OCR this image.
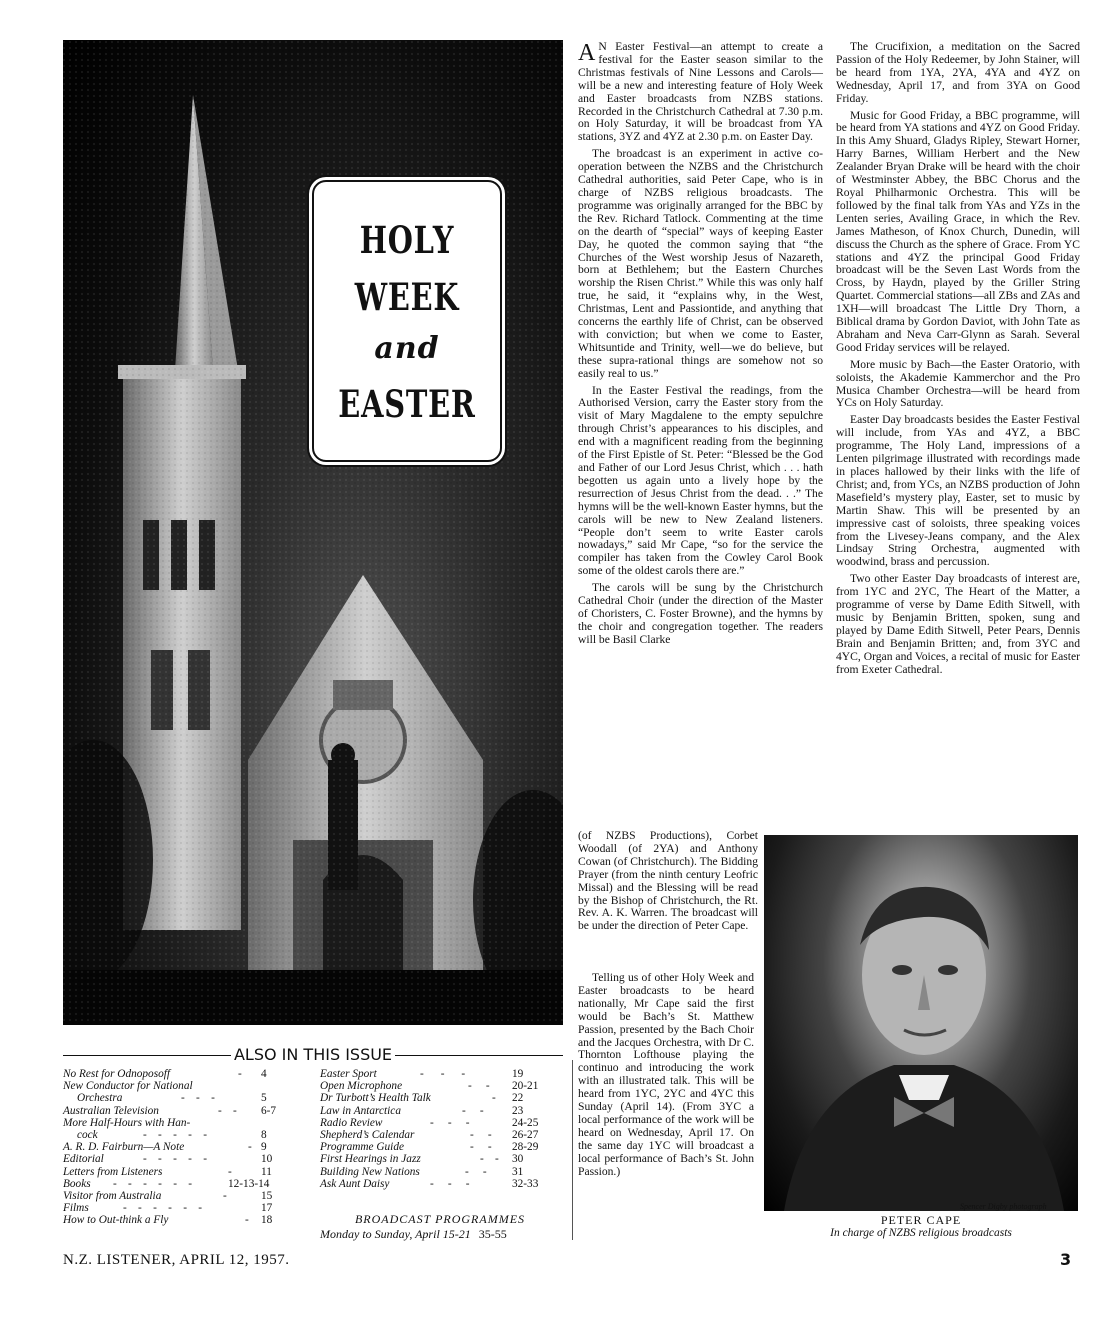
HOLY
WEEK
and
EASTER

A N Easter Festival—an attempt to create a festival for the Easter season similar to the Christmas festivals of Nine Lessons and Carols—will be a new and interesting feature of Holy Week and Easter broadcasts from NZBS stations. Recorded in the Christchurch Cathedral at 7.30 p.m. on Holy Saturday, it will be broadcast from YA stations, 3YZ and 4YZ at 2.30 p.m. on Easter Day.

The broadcast is an experiment in active co-operation between the NZBS and the Christchurch Cathedral authorities, said Peter Cape, who is in charge of NZBS religious broadcasts. The programme was originally arranged for the BBC by the Rev. Richard Tatlock. Commenting at the time on the dearth of “special” ways of keeping Easter Day, he quoted the common saying that “the Churches of the West worship Jesus of Nazareth, born at Bethlehem; but the Eastern Churches worship the Risen Christ.” While this was only half true, he said, it “explains why, in the West, Christmas, Lent and Passiontide, and anything that concerns the earthly life of Christ, can be observed with conviction; but when we come to Easter, Whitsuntide and Trinity, well—we do believe, but these supra-rational things are somehow not so easily real to us.”

In the Easter Festival the readings, from the Authorised Version, carry the Easter story from the visit of Mary Magdalene to the empty sepulchre through Christ’s appearances to his disciples, and end with a magnificent reading from the beginning of the First Epistle of St. Peter: “Blessed be the God and Father of our Lord Jesus Christ, which . . . hath begotten us again unto a lively hope by the resurrection of Jesus Christ from the dead. . .” The hymns will be the well-known Easter hymns, but the carols will be new to New Zealand listeners. “People don’t seem to write Easter carols nowadays,” said Mr Cape, “so for the service the compiler has taken from the Cowley Carol Book some of the oldest carols there are.”

The carols will be sung by the Christchurch Cathedral Choir (under the direction of the Master of Choristers, C. Foster Browne), and the hymns by the choir and congregation together. The readers will be Basil Clarke

(of NZBS Productions), Corbet Woodall (of 2YA) and Anthony Cowan (of Christchurch). The Bidding Prayer (from the ninth century Leofric Missal) and the Blessing will be read by the Bishop of Christchurch, the Rt. Rev. A. K. Warren. The broadcast will be under the direction of Peter Cape.

Telling us of other Holy Week and Easter broadcasts to be heard nationally, Mr Cape said the first would be Bach’s St. Matthew Passion, presented by the Bach Choir and the Jacques Orchestra, with Dr C. Thornton Lofthouse playing the continuo and introducing the work with an illustrated talk. This will be heard from 1YC, 2YC and 4YC this Sunday (April 14). (From 3YC a local performance of the work will be heard on Wednesday, April 17. On the same day 1YC will broadcast a local performance of Bach’s St. John Passion.)

The Crucifixion, a meditation on the Sacred Passion of the Holy Redeemer, by John Stainer, will be heard from 1YA, 2YA, 4YA and 4YZ on Wednesday, April 17, and from 3YA on Good Friday.

Music for Good Friday, a BBC programme, will be heard from YA stations and 4YZ on Good Friday. In this Amy Shuard, Gladys Ripley, Stewart Horner, Harry Barnes, William Herbert and the New Zealander Bryan Drake will be heard with the choir of Westminster Abbey, the BBC Chorus and the Royal Philharmonic Orchestra. This will be followed by the final talk from YAs and YZs in the Lenten series, Availing Grace, in which the Rev. James Matheson, of Knox Church, Dunedin, will discuss the Church as the sphere of Grace. From YC stations and 4YZ the principal Good Friday broadcast will be the Seven Last Words from the Cross, by Haydn, played by the Griller String Quartet. Commercial stations—all ZBs and ZAs and 1XH—will broadcast The Little Dry Thorn, a Biblical drama by Gordon Daviot, with John Tate as Abraham and Neva Carr-Glynn as Sarah. Several Good Friday services will be relayed.

More music by Bach—the Easter Oratorio, with soloists, the Akademie Kammerchor and the Pro Musica Chamber Orchestra—will be heard from YCs on Holy Saturday.

Easter Day broadcasts besides the Easter Festival will include, from YAs and 4YZ, a BBC programme, The Holy Land, impressions of a Lenten pilgrimage illustrated with recordings made in places hallowed by their links with the life of Christ; and, from YCs, an NZBS production of John Masefield’s mystery play, Easter, set to music by Martin Shaw. This will be presented by an impressive cast of soloists, three speaking voices from the Livesey-Jeans company, and the Alex Lindsay String Orchestra, augmented with woodwind, brass and percussion.

Two other Easter Day broadcasts of interest are, from 1YC and 2YC, The Heart of the Matter, a programme of verse by Dame Edith Sitwell, with music by Benjamin Britten, spoken, sung and played by Dame Edith Sitwell, Peter Pears, Dennis Brain and Benjamin Britten; and, from 3YC and 4YC, Organ and Voices, a recital of music for Easter from Exeter Cathedral.

Spencer Digby photograph
PETER CAPE
In charge of NZBS religious broadcasts
ALSO IN THIS ISSUE
No Rest for Odnoposoff	- 4
New Conductor for National
Orchestra	-    -    -	5
Australian Television	-    - 6-7
More Half-Hours with Han-
cock	-    -    -    -    -	8
A. R. D. Fairburn—A Note	- 9
Editorial	-    -    -    -    -	10
Letters from Listeners	-	11
Books -    -    -    -    -    -	12-13-14
Visitor from Australia	-	15
Films	-    -    -    -    -    -	17
How to Out-think a Fly	- 18
Easter Sport	-      -      -	19
Open Microphone	-     - 20-21
Dr Turbott’s Health Talk	- 22
Law in Antarctica	-     -	23
Radio Review	-     -     -	24-25
Shepherd’s Calendar	-     - 26-27
Programme Guide	-     - 28-29
First Hearings in Jazz	-    - 30
Building New Nations	-     - 31
Ask Aunt Daisy	-     -     -	32-33
BROADCAST PROGRAMMES
Monday to Sunday, April 15-21 35-55
N.Z. LISTENER, APRIL 12, 1957.	3
